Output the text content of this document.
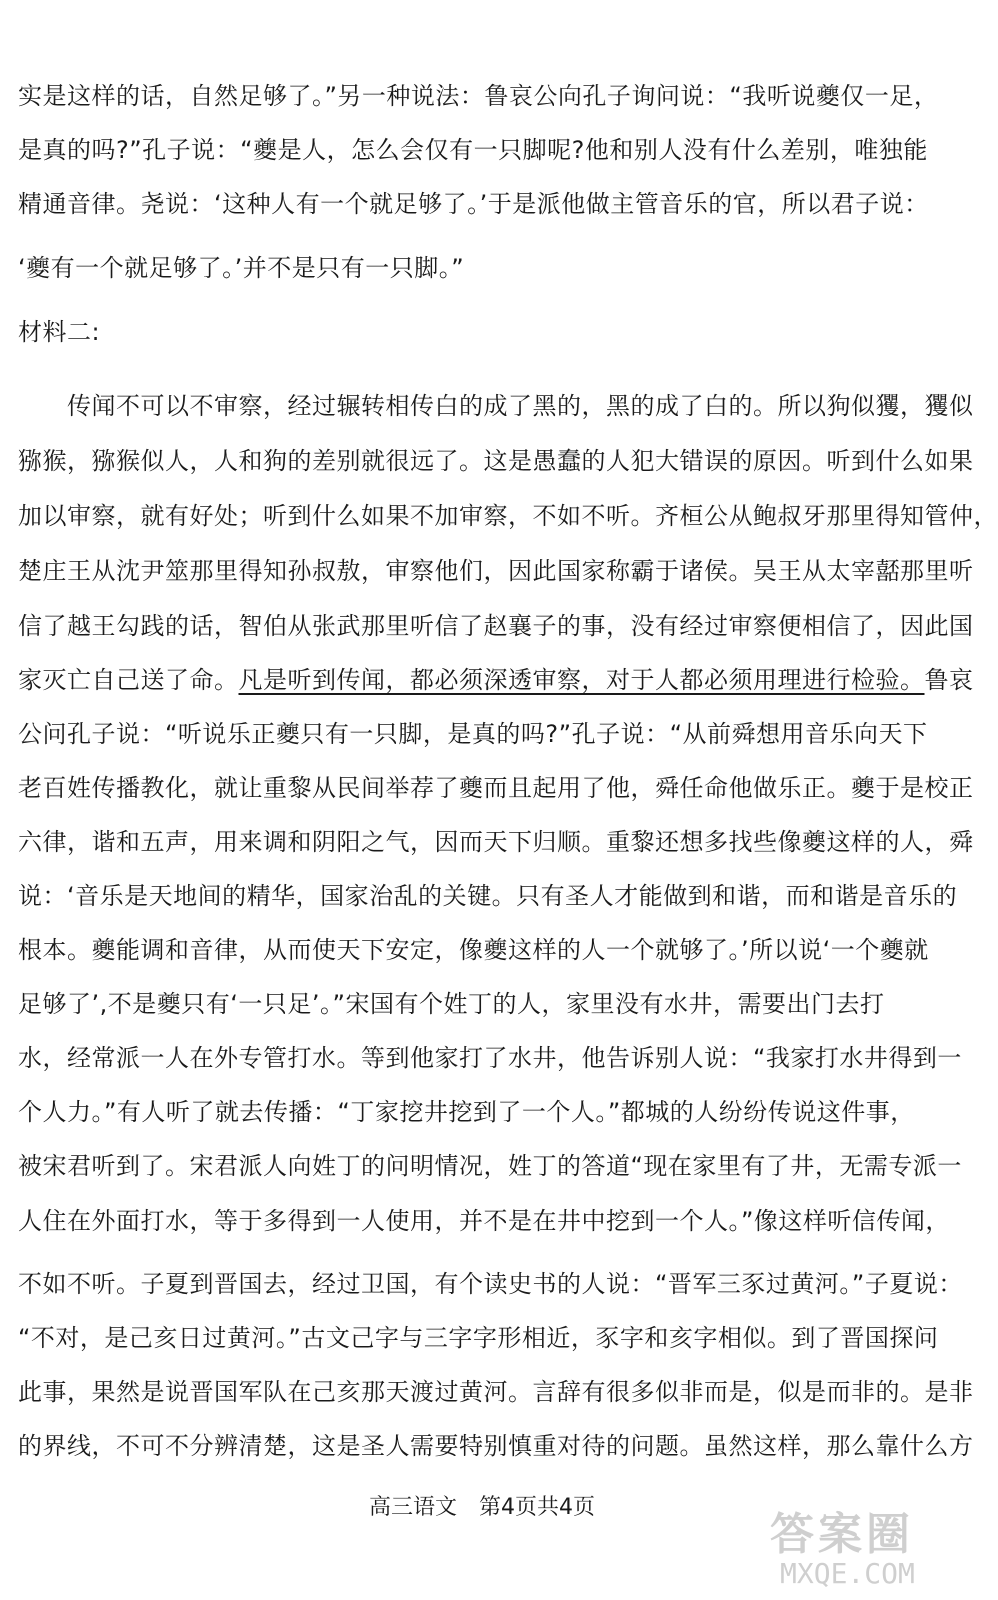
实是这样的话，自然足够了。”另一种说法：鲁哀公向孔子询问说：“我听说夔仅一足，
是真的吗?”孔子说：“夔是人，怎么会仅有一只脚呢?他和别人没有什么差别，唯独能
精通音律。尧说：‘这种人有一个就足够了。’于是派他做主管音乐的官，所以君子说：
‘夔有一个就足够了。’并不是只有一只脚。”
材料二:
　　传闻不可以不审察，经过辗转相传白的成了黑的，黑的成了白的。所以狗似玃，玃似
猕猴，猕猴似人，人和狗的差别就很远了。这是愚蠢的人犯大错误的原因。听到什么如果
加以审察，就有好处；听到什么如果不加审察，不如不听。齐桓公从鲍叔牙那里得知管仲，
楚庄王从沈尹筮那里得知孙叔敖，审察他们，因此国家称霸于诸侯。吴王从太宰嚭那里听
信了越王勾践的话，智伯从张武那里听信了赵襄子的事，没有经过审察便相信了，因此国
家灭亡自己送了命。凡是听到传闻，都必须深透审察，对于人都必须用理进行检验。鲁哀
公问孔子说：“听说乐正夔只有一只脚，是真的吗?”孔子说：“从前舜想用音乐向天下
老百姓传播教化，就让重黎从民间举荐了夔而且起用了他，舜任命他做乐正。夔于是校正
六律，谐和五声，用来调和阴阳之气，因而天下归顺。重黎还想多找些像夔这样的人，舜
说：‘音乐是天地间的精华，国家治乱的关键。只有圣人才能做到和谐，而和谐是音乐的
根本。夔能调和音律，从而使天下安定，像夔这样的人一个就够了。’所以说‘一个夔就
足够了’,不是夔只有‘一只足’。”宋国有个姓丁的人，家里没有水井，需要出门去打
水，经常派一人在外专管打水。等到他家打了水井，他告诉别人说：“我家打水井得到一
个人力。”有人听了就去传播：“丁家挖井挖到了一个人。”都城的人纷纷传说这件事，
被宋君听到了。宋君派人向姓丁的问明情况，姓丁的答道“现在家里有了井，无需专派一
人住在外面打水，等于多得到一人使用，并不是在井中挖到一个人。”像这样听信传闻，
不如不听。子夏到晋国去，经过卫国，有个读史书的人说：“晋军三豕过黄河。”子夏说：
“不对，是己亥日过黄河。”古文己字与三字字形相近，豕字和亥字相似。到了晋国探问
此事，果然是说晋国军队在己亥那天渡过黄河。言辞有很多似非而是，似是而非的。是非
的界线，不可不分辨清楚，这是圣人需要特别慎重对待的问题。虽然这样，那么靠什么方
高三语文　第4页共4页
答案圈
MXQE.COM
